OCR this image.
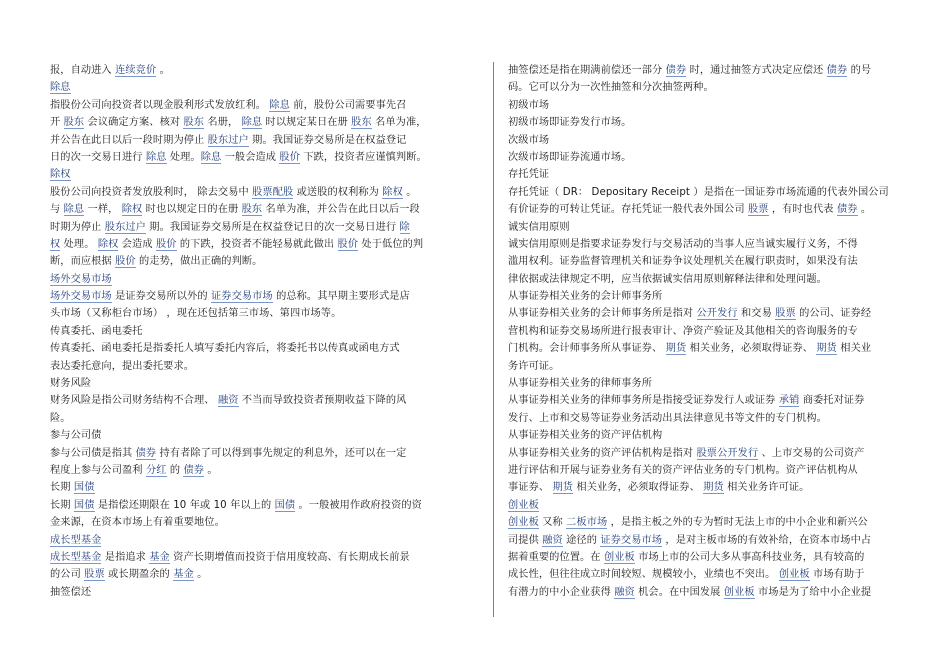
报，自动进入 连续竞价 。
除息
指股份公司向投资者以现金股利形式发放红利。 除息 前，股份公司需要事先召
开 股东 会议确定方案、核对 股东 名册， 除息 时以规定某日在册 股东 名单为准，
并公告在此日以后一段时期为停止 股东过户 期。我国证券交易所是在权益登记
日的次一交易日进行 除息 处理。除息 一般会造成 股价 下跌，投资者应谨慎判断。
除权
股份公司向投资者发放股利时， 除去交易中 股票配股 或送股的权利称为 除权 。
与 除息 一样， 除权 时也以规定日的在册 股东 名单为准，并公告在此日以后一段
时期为停止 股东过户 期。我国证券交易所是在权益登记日的次一交易日进行 除
权 处理。 除权 会造成 股价 的下跌，投资者不能轻易就此做出 股价 处于低位的判
断，而应根据 股价 的走势，做出正确的判断。
场外交易市场
场外交易市场 是证券交易所以外的 证券交易市场 的总称。其早期主要形式是店
头市场（又称柜台市场） ，现在还包括第三市场、第四市场等。
传真委托、函电委托
传真委托、函电委托是指委托人填写委托内容后，将委托书以传真或函电方式
表达委托意向，提出委托要求。
财务风险
财务风险是指公司财务结构不合理、 融资 不当而导致投资者预期收益下降的风
险。
参与公司债
参与公司债是指其 债券 持有者除了可以得到事先规定的利息外，还可以在一定
程度上参与公司盈利 分红 的 债券 。
长期 国债
长期 国债 是指偿还期限在 10 年或 10 年以上的 国债 。一般被用作政府投资的资
金来源，在资本市场上有着重要地位。
成长型基金
成长型基金 是指追求 基金 资产长期增值而投资于信用度较高、有长期成长前景
的公司 股票 或长期盈余的 基金 。
抽签偿还
抽签偿还是指在期满前偿还一部分 债券 时，通过抽签方式决定应偿还 债券 的号
码。它可以分为一次性抽签和分次抽签两种。
初级市场
初级市场即证券发行市场。
次级市场
次级市场即证券流通市场。
存托凭证
存托凭证（ DR： Depositary Receipt ）是指在一国证券市场流通的代表外国公司
有价证券的可转让凭证。存托凭证一般代表外国公司 股票 ，有时也代表 债券 。
诚实信用原则
诚实信用原则是指要求证券发行与交易活动的当事人应当诚实履行义务，不得
滥用权利。证券监督管理机关和证券争议处理机关在履行职责时，如果没有法
律依据或法律规定不明，应当依据诚实信用原则解释法律和处理问题。
从事证券相关业务的会计师事务所
从事证券相关业务的会计师事务所是指对 公开发行 和交易 股票 的公司、证券经
营机构和证券交易场所进行报表审计、净资产验证及其他相关的咨询服务的专
门机构。会计师事务所从事证券、 期货 相关业务，必须取得证券、 期货 相关业
务许可证。
从事证券相关业务的律师事务所
从事证券相关业务的律师事务所是指接受证券发行人或证券 承销 商委托对证券
发行、上市和交易等证券业务活动出具法律意见书等文件的专门机构。
从事证券相关业务的资产评估机构
从事证券相关业务的资产评估机构是指对 股票公开发行 、上市交易的公司资产
进行评估和开展与证券业务有关的资产评估业务的专门机构。资产评估机构从
事证券、 期货 相关业务，必须取得证券、 期货 相关业务许可证。
创业板
创业板 又称 二板市场 ，是指主板之外的专为暂时无法上市的中小企业和新兴公
司提供 融资 途径的 证券交易市场 ，是对主板市场的有效补给，在资本市场中占
据着重要的位置。在 创业板 市场上市的公司大多从事高科技业务，具有较高的
成长性，但往往成立时间较短、规模较小，业绩也不突出。 创业板 市场有助于
有潜力的中小企业获得 融资 机会。在中国发展 创业板 市场是为了给中小企业提
